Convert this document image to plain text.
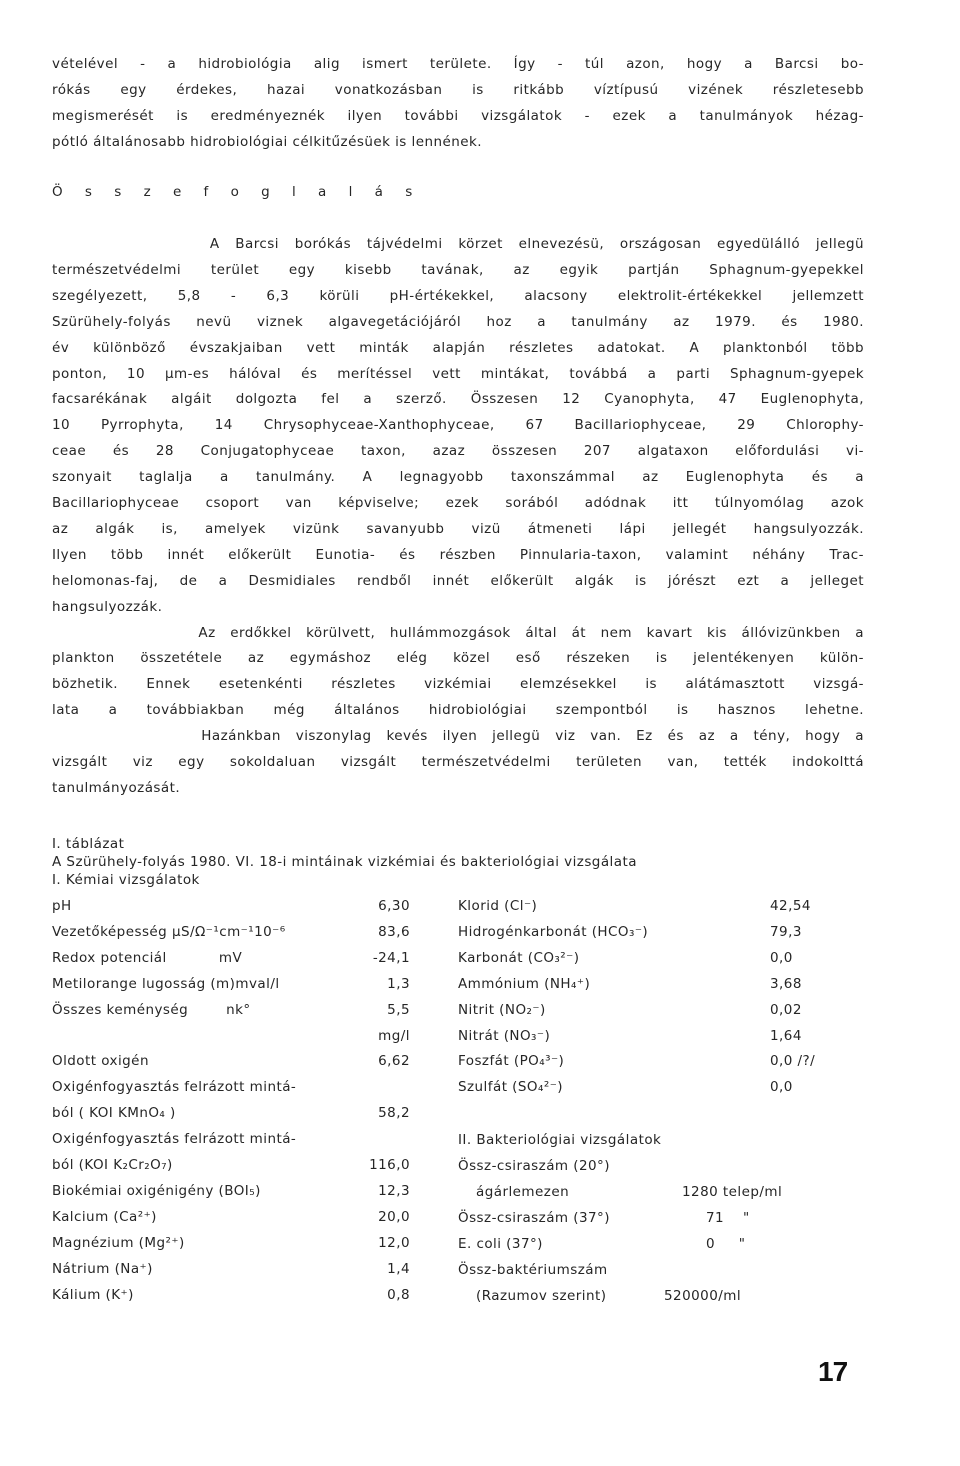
vételével - a hidrobiológia alig ismert területe. Így - túl azon, hogy a Barcsi bo-
rókás egy érdekes, hazai vonatkozásban is ritkább víztípusú vizének részletesebb
megismerését is eredményeznék ilyen további vizsgálatok - ezek a tanulmányok hézag-
pótló általánosabb hidrobiológiai célkitűzésüek is lennének.
Ö s s z e f o g l a l á s
A Barcsi borókás tájvédelmi körzet elnevezésü, országosan egyedülálló jellegü
természetvédelmi terület egy kisebb tavának, az egyik partján Sphagnum-gyepekkel
szegélyezett, 5,8 - 6,3 körüli pH-értékekkel, alacsony elektrolit-értékekkel jellemzett
Szürühely-folyás nevü viznek algavegetációjáról hoz a tanulmány az 1979. és 1980.
év különböző évszakjaiban vett minták alapján részletes adatokat. A planktonból több
ponton, 10 µm-es hálóval és merítéssel vett mintákat, továbbá a parti Sphagnum-gyepek
facsarékának algáit dolgozta fel a szerző. Összesen 12 Cyanophyta, 47 Euglenophyta,
10 Pyrrophyta, 14 Chrysophyceae-Xanthophyceae, 67 Bacillariophyceae, 29 Chlorophy-
ceae és 28 Conjugatophyceae taxon, azaz összesen 207 algataxon előfordulási vi-
szonyait taglalja a tanulmány. A legnagyobb taxonszámmal az Euglenophyta és a
Bacillariophyceae csoport van képviselve; ezek sorából adódnak itt túlnyomólag azok
az algák is, amelyek vizünk savanyubb vizü átmeneti lápi jellegét hangsulyozzák.
Ilyen több innét előkerült Eunotia- és részben Pinnularia-taxon, valamint néhány Trac-
helomonas-faj, de a Desmidiales rendből innét előkerült algák is jórészt ezt a jelleget
hangsulyozzák.
Az erdőkkel körülvett, hullámmozgások által át nem kavart kis állóvizünkben a
plankton összetétele az egymáshoz elég közel eső részeken is jelentékenyen külön-
bözhetik. Ennek esetenkénti részletes vizkémiai elemzésekkel is alátámasztott vizsgá-
lata a továbbiakban még általános hidrobiológiai szempontból is hasznos lehetne.
Hazánkban viszonylag kevés ilyen jellegü viz van. Ez és az a tény, hogy a
vizsgált viz egy sokoldaluan vizsgált természetvédelmi területen van, tették indokolttá
tanulmányozását.
I. táblázat
A Szürühely-folyás 1980. VI. 18-i mintáinak vizkémiai és bakteriológiai vizsgálata
I. Kémiai vizsgálatok
pH	6,30
Vezetőképesség µS/Ω⁻¹cm⁻¹10⁻⁶	83,6
Redox potenciál           mV	-24,1
Metilorange lugosság (m)mval/l	1,3
Összes keménység        nk°	5,5
mg/l
Oldott oxigén	6,62
Oxigénfogyasztás felrázott mintá-
ból ( KOI KMnO₄ )	58,2
Oxigénfogyasztás felrázott mintá-
ból (KOI K₂Cr₂O₇)	116,0
Biokémiai oxigénigény (BOI₅)	12,3
Kalcium (Ca²⁺)	20,0
Magnézium (Mg²⁺)	12,0
Nátrium (Na⁺)	1,4
Kálium (K⁺)	0,8
Klorid (Cl⁻)	42,54
Hidrogénkarbonát (HCO₃⁻)	79,3
Karbonát (CO₃²⁻)	0,0
Ammónium (NH₄⁺)	3,68
Nitrit (NO₂⁻)	0,02
Nitrát (NO₃⁻)	1,64
Foszfát (PO₄³⁻)	0,0 /?/
Szulfát (SO₄²⁻)	0,0
II. Bakteriológiai vizsgálatok
Össz-csiraszám (20°)
ágárlemezen	1280 telep/ml
Össz-csiraszám (37°)	71    "
E. coli (37°)	0     "
Össz-baktériumszám
(Razumov szerint)	520000/ml
17
